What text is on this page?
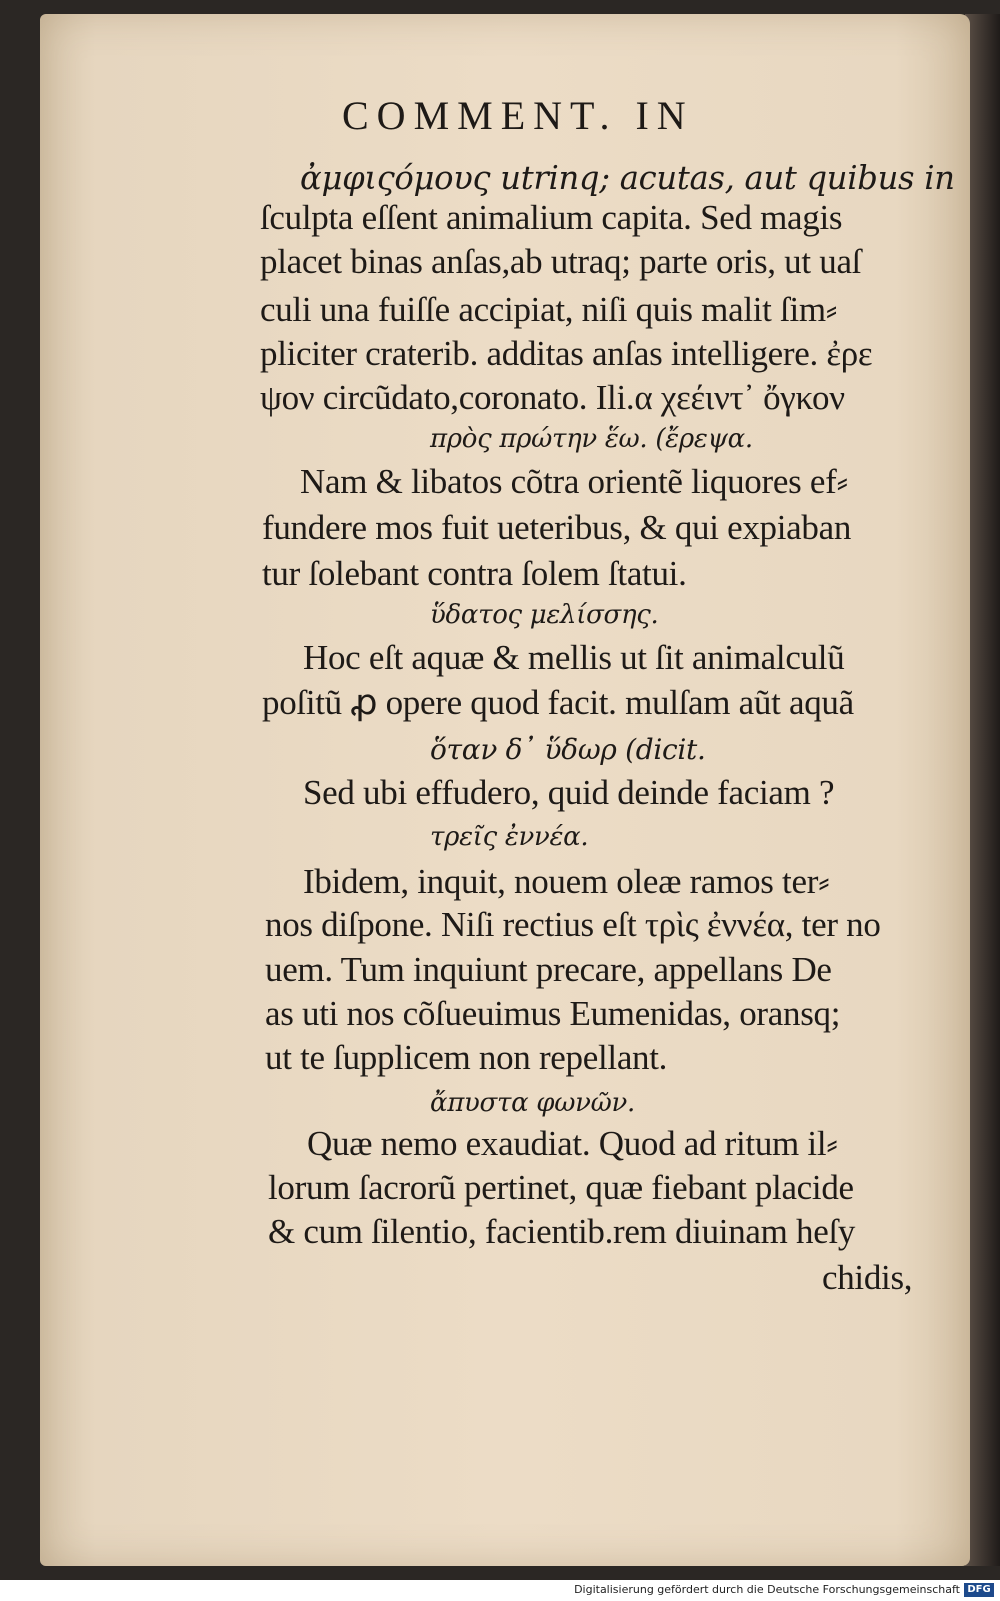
COMMENT. IN
ἀμφιςόμους utrinq; acutas, aut quibus in
ſculpta eſſent animalium capita. Sed magis
placet binas anſas,ab utraq; parte oris, ut uaſ
culi una fuiſſe accipiat, niſi quis malit ſim⸗
pliciter craterib. additas anſas intelligere. ἐρε
ψον circũdato,coronato. Ili.α χεέιντ᾽ ὄγκον
πρὸς πρώτην ἕω. (ἔρεψα.
Nam & libatos cõtra orientẽ liquores ef⸗
fundere mos fuit ueteribus, & qui expiaban
tur ſolebant contra ſolem ſtatui.
ὕδατος μελίσσης.
Hoc eſt aquæ & mellis ut ſit animalculũ
poſitũ ꝓ opere quod facit. mulſam aũt aquã
ὅταν δ᾽ ὕδωρ (dicit.
Sed ubi effudero, quid deinde faciam ?
τρεῖς ἐννέα.
Ibidem, inquit, nouem oleæ ramos ter⸗
nos diſpone. Niſi rectius eſt τρὶς ἐννέα, ter no
uem. Tum inquiunt precare, appellans De
as uti nos cõſueuimus Eumenidas, oransq;
ut te ſupplicem non repellant.
ἄπυστα φωνῶν.
Quæ nemo exaudiat. Quod ad ritum il⸗
lorum ſacrorũ pertinet, quæ fiebant placide
& cum ſilentio, facientib.rem diuinam heſy
chidis,
Digitalisierung gefördert durch die Deutsche Forschungsgemeinschaft DFG
